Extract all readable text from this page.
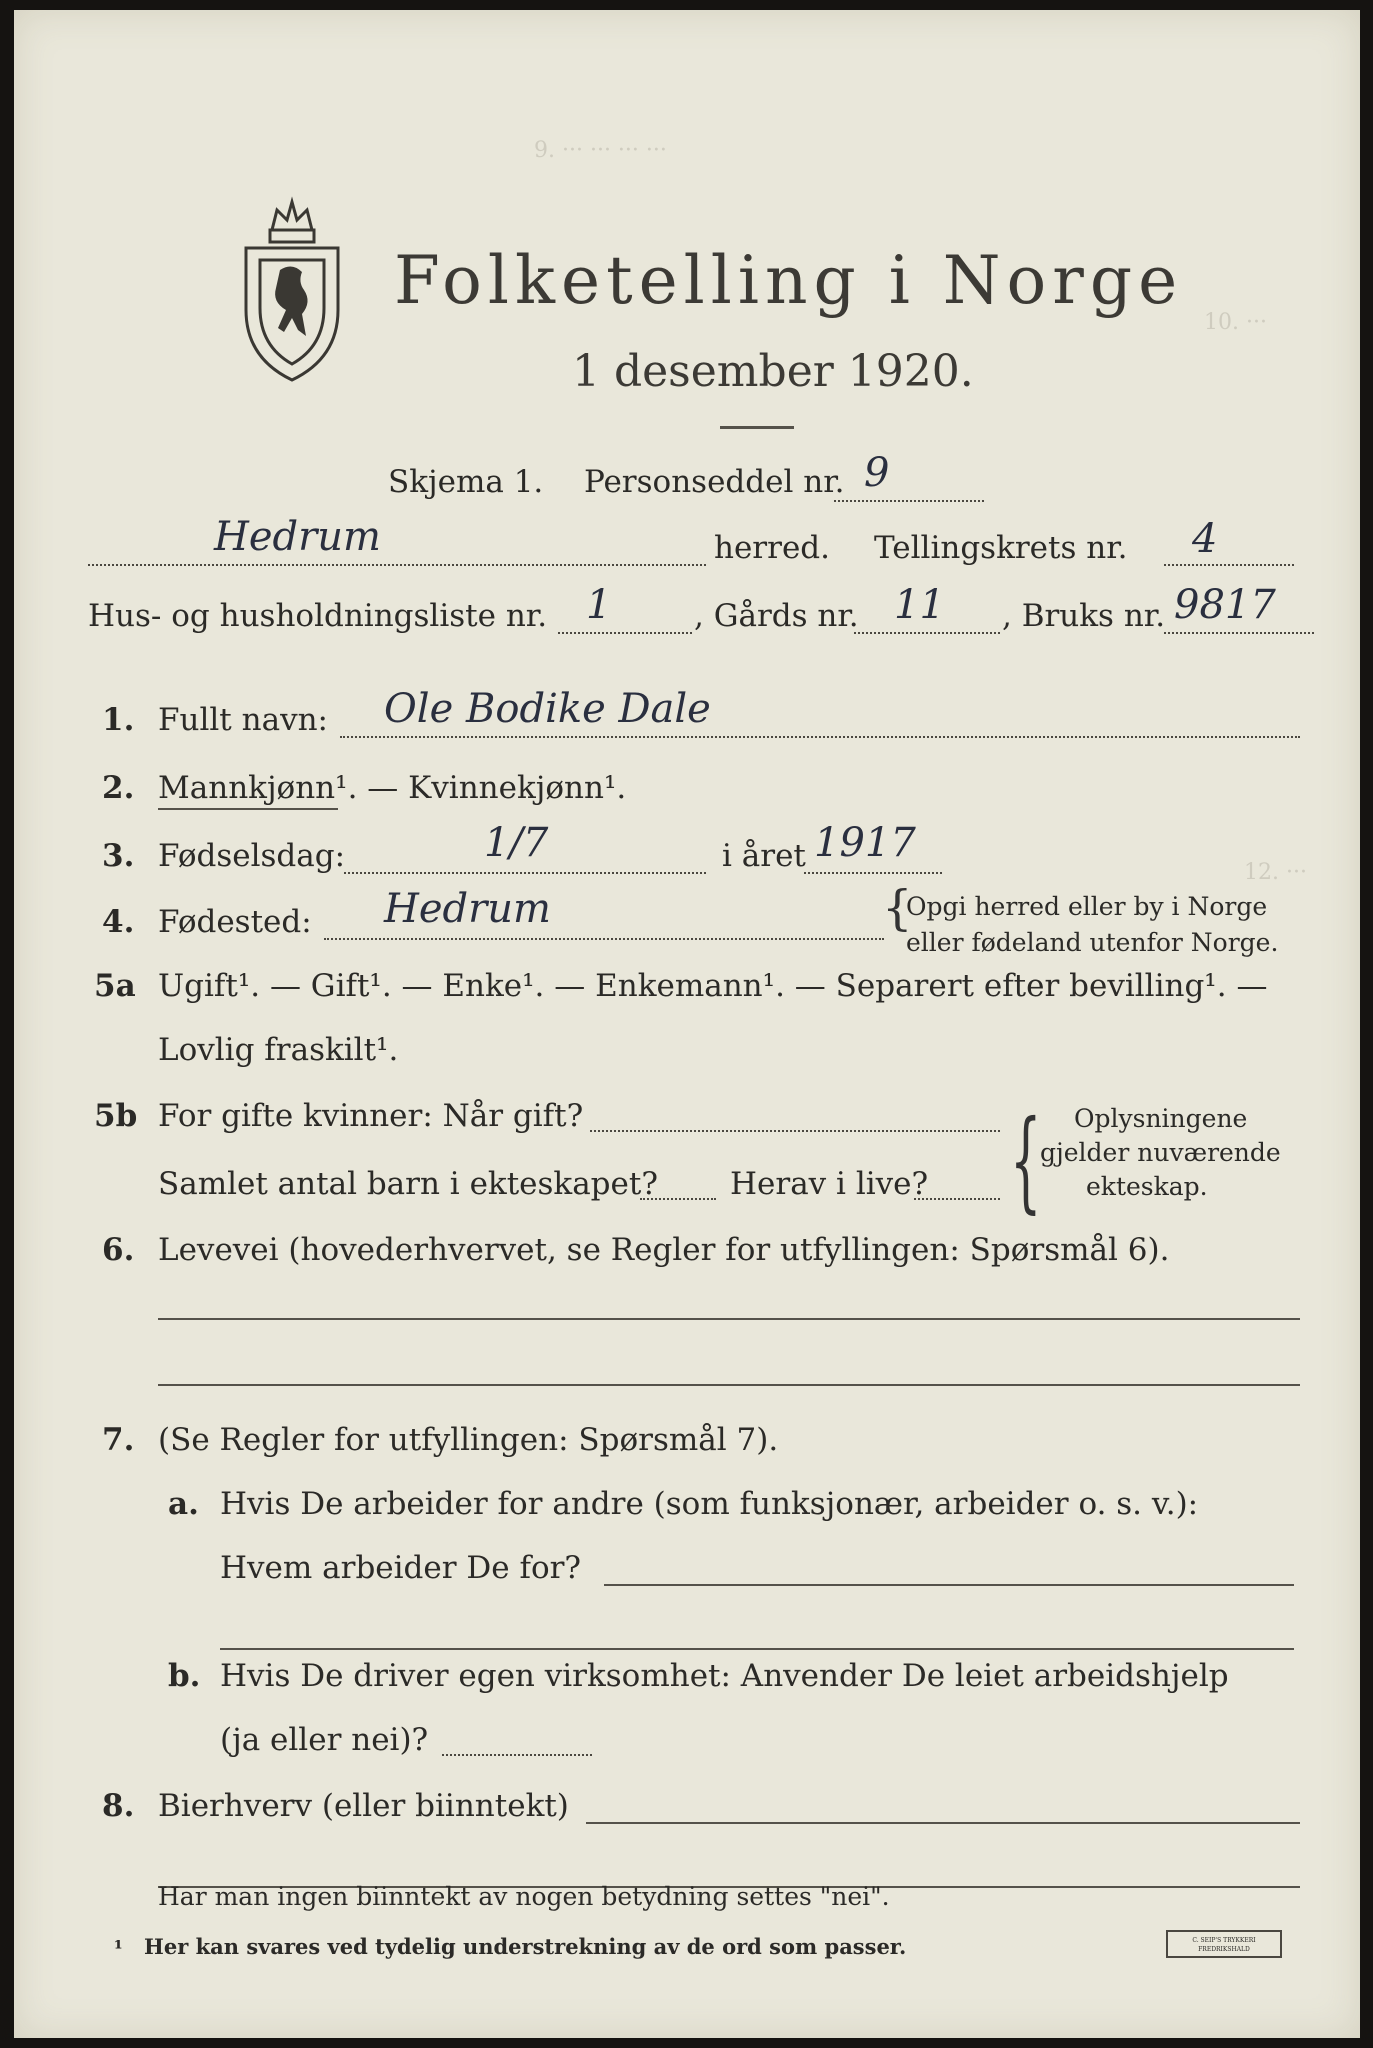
9. ··· ··· ··· ···
10. ···
12. ···
Folketelling i Norge
1 desember 1920.
Skjema 1. Personseddel nr. 9
Hedrum	herred. Tellingskrets nr. 4
Hus- og husholdningsliste nr. 1	, Gårds nr. 11 , Bruks nr. 9817
1. Fullt navn: Ole Bodike Dale
2. Mannkjønn¹. — Kvinnekjønn¹.
3. Fødselsdag:	1/7	i året 1917
4. Fødested: Hedrum	{
Opgi herred eller by i Norge
eller fødeland utenfor Norge.
5a Ugift¹. — Gift¹. — Enke¹. — Enkemann¹. — Separert efter bevilling¹. —
Lovlig fraskilt¹.
5b For gifte kvinner: Når gift?
Samlet antal barn i ekteskapet? Herav i live? { Oplysningene
gjelder nuværende
ekteskap.
6. Levevei (hovederhvervet, se Regler for utfyllingen: Spørsmål 6).
7. (Se Regler for utfyllingen: Spørsmål 7).
a. Hvis De arbeider for andre (som funksjonær, arbeider o. s. v.):
Hvem arbeider De for?
b. Hvis De driver egen virksomhet: Anvender De leiet arbeidshjelp
(ja eller nei)?
8. Bierhverv (eller biinntekt)
Har man ingen biinntekt av nogen betydning settes "nei".
¹ Her kan svares ved tydelig understrekning av de ord som passer.	C. SEIP'S TRYKKERI FREDRIKSHALD
